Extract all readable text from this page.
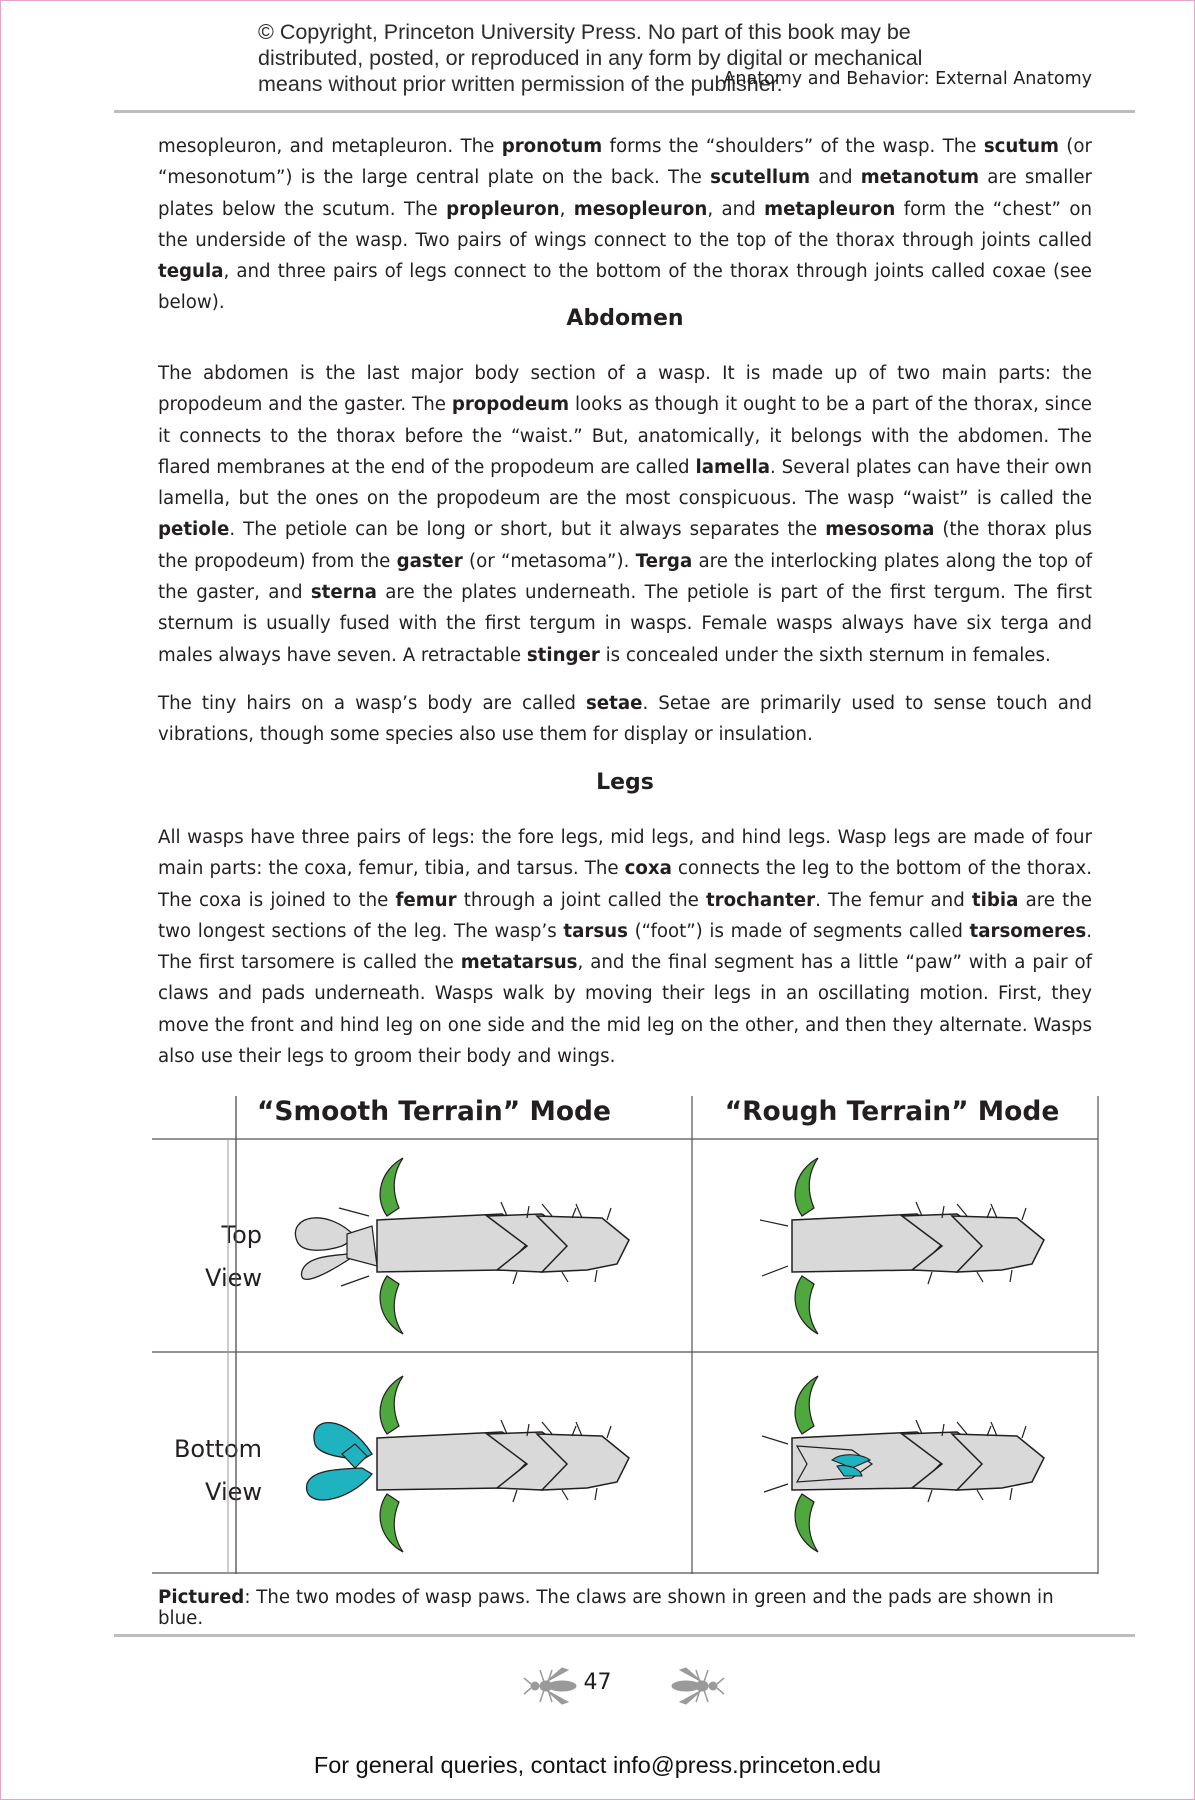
© Copyright, Princeton University Press. No part of this book may be distributed, posted, or reproduced in any form by digital or mechanical means without prior written permission of the publisher.
Anatomy and Behavior: External Anatomy
mesopleuron, and metapleuron. The pronotum forms the “shoulders” of the wasp. The scutum (or “mesonotum”) is the large central plate on the back. The scutellum and metanotum are smaller plates below the scutum. The propleuron, mesopleuron, and metapleuron form the “chest” on the underside of the wasp. Two pairs of wings connect to the top of the thorax through joints called tegula, and three pairs of legs connect to the bottom of the thorax through joints called coxae (see below).
Abdomen
The abdomen is the last major body section of a wasp. It is made up of two main parts: the propodeum and the gaster. The propodeum looks as though it ought to be a part of the thorax, since it connects to the thorax before the “waist.” But, anatomically, it belongs with the abdomen. The flared membranes at the end of the propodeum are called lamella. Several plates can have their own lamella, but the ones on the propodeum are the most conspicuous. The wasp “waist” is called the petiole. The petiole can be long or short, but it always separates the mesosoma (the thorax plus the propodeum) from the gaster (or “metasoma”). Terga are the interlocking plates along the top of the gaster, and sterna are the plates underneath. The petiole is part of the first tergum. The first sternum is usually fused with the first tergum in wasps. Female wasps always have six terga and males always have seven. A retractable stinger is concealed under the sixth sternum in females.
The tiny hairs on a wasp’s body are called setae. Setae are primarily used to sense touch and vibrations, though some species also use them for display or insulation.
Legs
All wasps have three pairs of legs: the fore legs, mid legs, and hind legs. Wasp legs are made of four main parts: the coxa, femur, tibia, and tarsus. The coxa connects the leg to the bottom of the thorax. The coxa is joined to the femur through a joint called the trochanter. The femur and tibia are the two longest sections of the leg. The wasp’s tarsus (“foot”) is made of segments called tarsomeres. The first tarsomere is called the metatarsus, and the final segment has a little “paw” with a pair of claws and pads underneath. Wasps walk by moving their legs in an oscillating motion. First, they move the front and hind leg on one side and the mid leg on the other, and then they alternate. Wasps also use their legs to groom their body and wings.
“Smooth Terrain” Mode	“Rough Terrain” Mode
Top
View
Bottom
View
Pictured: The two modes of wasp paws. The claws are shown in green and the pads are shown in blue.
47
For general queries, contact info@press.princeton.edu
